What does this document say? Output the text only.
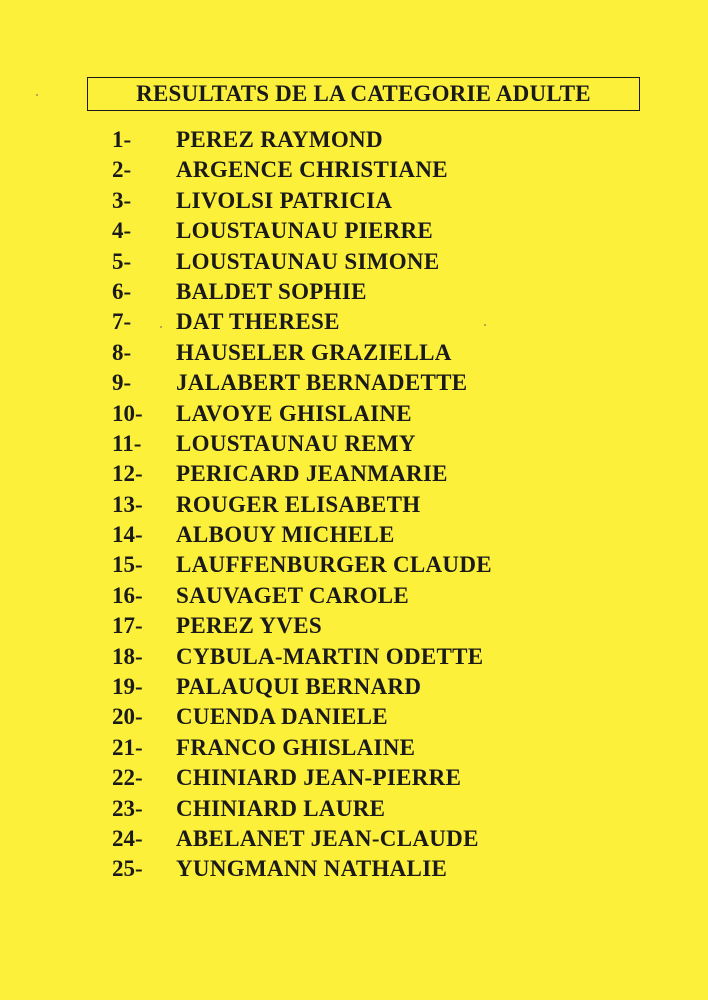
RESULTATS DE LA CATEGORIE ADULTE
1- PEREZ RAYMOND
2- ARGENCE CHRISTIANE
3- LIVOLSI PATRICIA
4- LOUSTAUNAU PIERRE
5- LOUSTAUNAU SIMONE
6- BALDET SOPHIE
7- DAT THERESE
8- HAUSELER GRAZIELLA
9- JALABERT BERNADETTE
10- LAVOYE GHISLAINE
11- LOUSTAUNAU REMY
12- PERICARD JEANMARIE
13- ROUGER ELISABETH
14- ALBOUY MICHELE
15- LAUFFENBURGER CLAUDE
16- SAUVAGET CAROLE
17- PEREZ YVES
18- CYBULA-MARTIN ODETTE
19- PALAUQUI BERNARD
20- CUENDA DANIELE
21- FRANCO GHISLAINE
22- CHINIARD JEAN-PIERRE
23- CHINIARD LAURE
24- ABELANET JEAN-CLAUDE
25- YUNGMANN NATHALIE
